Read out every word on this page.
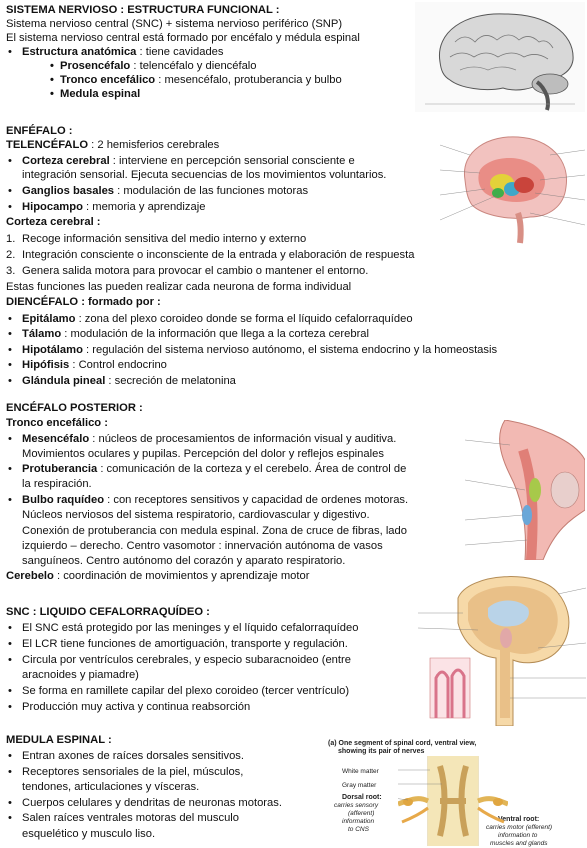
SISTEMA NERVIOSO : ESTRUCTURA FUNCIONAL :
Sistema nervioso central (SNC) + sistema nervioso periférico (SNP)
El sistema nervioso central está formado por encéfalo y médula espinal
• Estructura anatómica : tiene cavidades
• Prosencéfalo : telencéfalo y diencéfalo
• Tronco encefálico : mesencéfalo, protuberancia y bulbo
• Medula espinal
ENFÉFALO :
TELENCÉFALO : 2 hemisferios cerebrales
• Corteza cerebral : interviene en percepción sensorial consciente e
integración sensorial. Ejecuta secuencias de los movimientos voluntarios.
• Ganglios basales : modulación de las funciones motoras
• Hipocampo : memoria y aprendizaje
Corteza cerebral :
1. Recoge información sensitiva del medio interno y externo
2. Integración consciente o inconsciente de la entrada y elaboración de respuesta
3. Genera salida motora para provocar el cambio o mantener el entorno.
Estas funciones las pueden realizar cada neurona de forma individual
DIENCÉFALO : formado por :
• Epitálamo : zona del plexo coroideo donde se forma el líquido cefalorraquídeo
• Tálamo : modulación de la información que llega a la corteza cerebral
• Hipotálamo : regulación del sistema nervioso autónomo, el sistema endocrino y la homeostasis
• Hipófisis : Control endocrino
• Glándula pineal : secreción de melatonina
ENCÉFALO POSTERIOR :
Tronco encefálico :
• Mesencéfalo : núcleos de procesamientos de información visual y auditiva.
Movimientos oculares y pupilas. Percepción del dolor y reflejos espinales
• Protuberancia : comunicación de la corteza y el cerebelo. Área de control de
la respiración.
• Bulbo raquídeo : con receptores sensitivos y capacidad de ordenes motoras.
Núcleos nerviosos del sistema respiratorio, cardiovascular y digestivo.
Conexión de protuberancia con medula espinal. Zona de cruce de fibras, lado
izquierdo – derecho. Centro vasomotor : innervación autónoma de vasos
sanguíneos. Centro autónomo del corazón y aparato respiratorio.
Cerebelo : coordinación de movimientos y aprendizaje motor
SNC : LIQUIDO CEFALORRAQUÍDEO :
• El SNC está protegido por las meninges y el líquido cefalorraquídeo
• El LCR tiene funciones de amortiguación, transporte y regulación.
• Circula por ventrículos cerebrales, y especio subaracnoideo (entre
aracnoides y piamadre)
• Se forma en ramillete capilar del plexo coroideo (tercer ventrículo)
• Producción muy activa y continua reabsorción
MEDULA ESPINAL :
• Entran axones de raíces dorsales sensitivos.
• Receptores sensoriales de la piel, músculos,
tendones, articulaciones y vísceras.
• Cuerpos celulares y dendritas de neuronas motoras.
• Salen raíces ventrales motoras del musculo
esquelético y musculo liso.
(a) One segment of spinal cord, ventral view,
showing its pair of nerves
White matter
Gray matter
Dorsal root:
carries sensory
(afferent)
information
to CNS
Ventral root:
carries motor (efferent)
information to
muscles and glands
